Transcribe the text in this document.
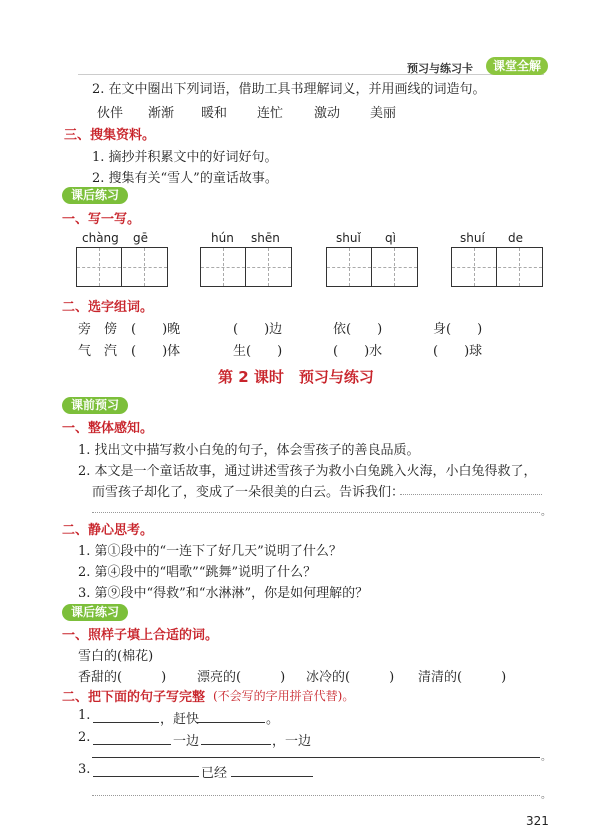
预习与练习卡	课堂全解
2. 在文中圈出下列词语，借助工具书理解词义，并用画线的词造句。
伙伴 渐渐 暖和 连忙 激动 美丽
三、搜集资料。
1. 摘抄并积累文中的好词好句。
2. 搜集有关“雪人”的童话故事。
课后练习
一、写一写。
chàng gē	hún shēn	shuǐ qì	shuí de
二、选字组词。
旁 傍 (　　)晚	(　　)边	依(　　)	身(　　)
气 汽 (　　)体	生(　　)	(　　)水	(　　)球
第 2 课时　预习与练习
课前预习
一、整体感知。
1. 找出文中描写救小白兔的句子，体会雪孩子的善良品质。
2. 本文是一个童话故事，通过讲述雪孩子为救小白兔跳入火海，小白兔得救了，
而雪孩子却化了，变成了一朵很美的白云。告诉我们：
。
二、静心思考。
1. 第①段中的“一连下了好几天”说明了什么？
2. 第④段中的“唱歌”“跳舞”说明了什么？
3. 第⑨段中“得救”和“水淋淋”，你是如何理解的？
课后练习
一、照样子填上合适的词。
雪白的(棉花)
香甜的(　　　) 漂亮的(　　　) 冰冷的(　　　) 清清的(　　　)
二、把下面的句子写完整 (不会写的字用拼音代替)。
1.	，赶快	。
2.	一边	，一边
。
3.	已经
。
321
